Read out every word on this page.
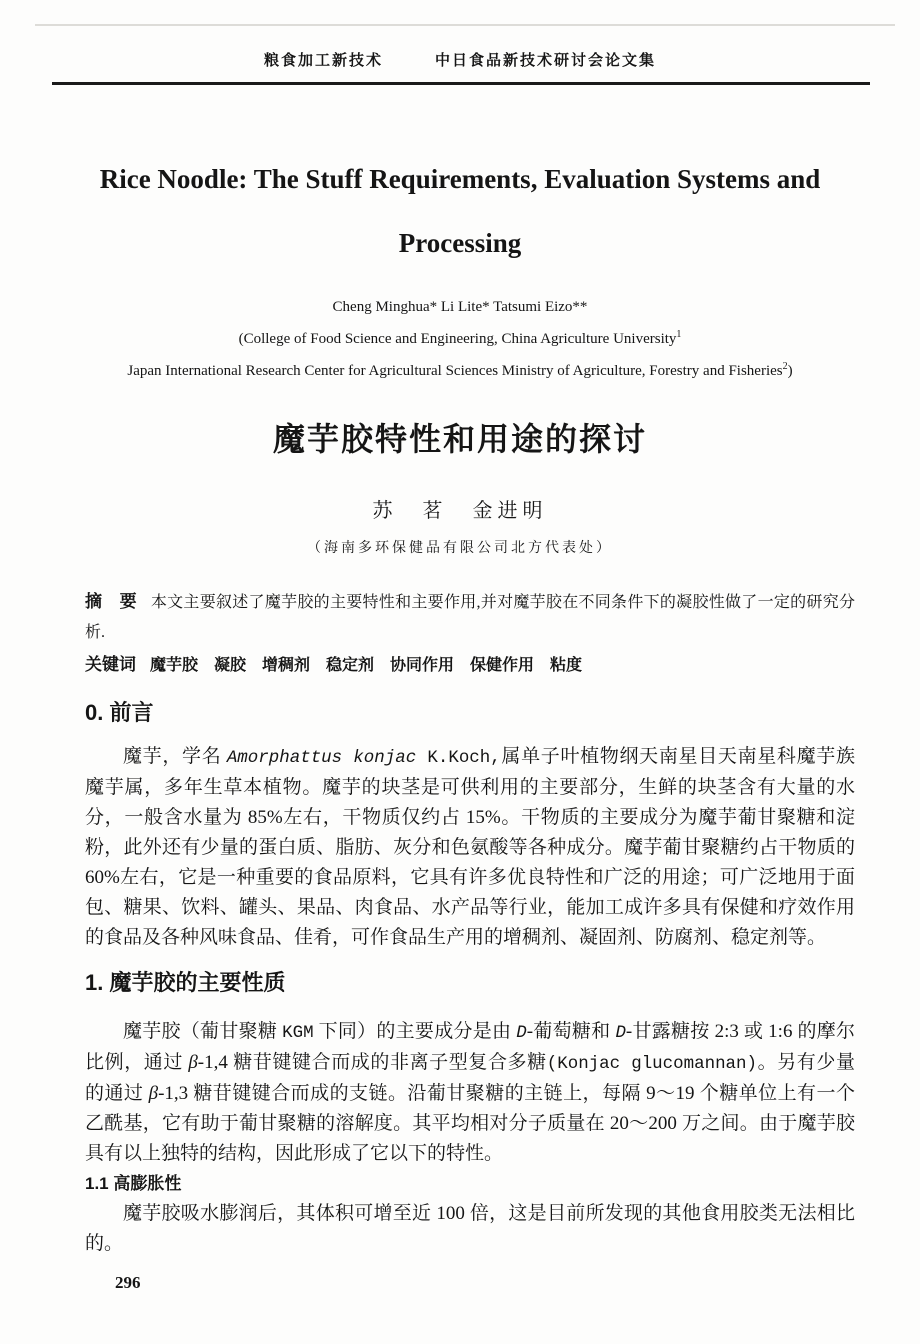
粮食加工新技术	中日食品新技术研讨会论文集
Rice Noodle: The Stuff Requirements, Evaluation Systems and
Processing
Cheng Minghua* Li Lite* Tatsumi Eizo**
(College of Food Science and Engineering, China Agriculture University$^1$
Japan International Research Center for Agricultural Sciences Ministry of Agriculture, Forestry and Fisheries$^2$)
魔芋胶特性和用途的探讨
苏　茗　金进明
（海南多环保健品有限公司北方代表处）

摘　要 本文主要叙述了魔芋胶的主要特性和主要作用,并对魔芋胶在不同条件下的凝胶性做了一定的研究分析.

关键词 魔芋胶　凝胶　增稠剂　稳定剂　协同作用　保健作用　粘度

0. 前言

魔芋，学名 Amorphattus konjac K.Koch,属单子叶植物纲天南星目天南星科魔芋族魔芋属，多年生草本植物。魔芋的块茎是可供利用的主要部分，生鲜的块茎含有大量的水分，一般含水量为 85%左右，干物质仅约占 15%。干物质的主要成分为魔芋葡甘聚糖和淀粉，此外还有少量的蛋白质、脂肪、灰分和色氨酸等各种成分。魔芋葡甘聚糖约占干物质的 60%左右，它是一种重要的食品原料，它具有许多优良特性和广泛的用途；可广泛地用于面包、糖果、饮料、罐头、果品、肉食品、水产品等行业，能加工成许多具有保健和疗效作用的食品及各种风味食品、佳肴，可作食品生产用的增稠剂、凝固剂、防腐剂、稳定剂等。

1. 魔芋胶的主要性质

魔芋胶（葡甘聚糖 KGM 下同）的主要成分是由 D-葡萄糖和 D-甘露糖按 2:3 或 1:6 的摩尔比例，通过 β-1,4 糖苷键键合而成的非离子型复合多糖(Konjac glucomannan)。另有少量的通过 β-1,3 糖苷键键合而成的支链。沿葡甘聚糖的主链上，每隔 9～19 个糖单位上有一个乙酰基，它有助于葡甘聚糖的溶解度。其平均相对分子质量在 20～200 万之间。由于魔芋胶具有以上独特的结构，因此形成了它以下的特性。

1.1 高膨胀性

魔芋胶吸水膨润后，其体积可增至近 100 倍，这是目前所发现的其他食用胶类无法相比的。

296
